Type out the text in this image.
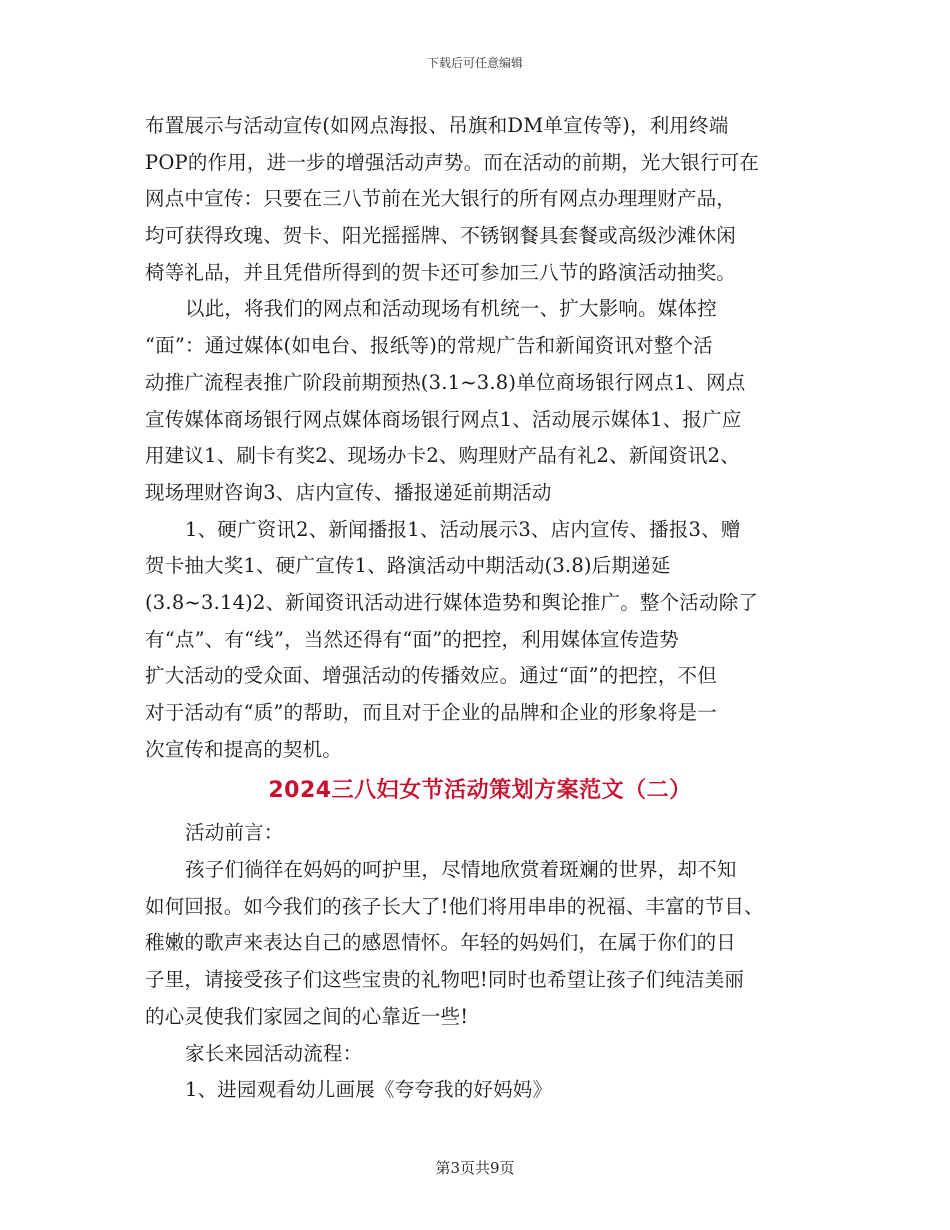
下载后可任意编辑
布置展示与活动宣传(如网点海报、吊旗和DM单宣传等)，利用终端
POP的作用，进一步的增强活动声势。而在活动的前期，光大银行可在
网点中宣传：只要在三八节前在光大银行的所有网点办理理财产品，
均可获得玫瑰、贺卡、阳光摇摇牌、不锈钢餐具套餐或高级沙滩休闲
椅等礼品，并且凭借所得到的贺卡还可参加三八节的路演活动抽奖。
以此，将我们的网点和活动现场有机统一、扩大影响。媒体控
“面”：通过媒体(如电台、报纸等)的常规广告和新闻资讯对整个活
动推广流程表推广阶段前期预热(3.1~3.8)单位商场银行网点1、网点
宣传媒体商场银行网点媒体商场银行网点1、活动展示媒体1、报广应
用建议1、刷卡有奖2、现场办卡2、购理财产品有礼2、新闻资讯2、
现场理财咨询3、店内宣传、播报递延前期活动
1、硬广资讯2、新闻播报1、活动展示3、店内宣传、播报3、赠
贺卡抽大奖1、硬广宣传1、路演活动中期活动(3.8)后期递延
(3.8~3.14)2、新闻资讯活动进行媒体造势和舆论推广。整个活动除了
有“点”、有“线”，当然还得有“面”的把控，利用媒体宣传造势
扩大活动的受众面、增强活动的传播效应。通过“面”的把控，不但
对于活动有“质”的帮助，而且对于企业的品牌和企业的形象将是一
次宣传和提高的契机。
2024三八妇女节活动策划方案范文（二）
活动前言：
孩子们徜徉在妈妈的呵护里，尽情地欣赏着斑斓的世界，却不知
如何回报。如今我们的孩子长大了!他们将用串串的祝福、丰富的节目、
稚嫩的歌声来表达自己的感恩情怀。年轻的妈妈们，在属于你们的日
子里，请接受孩子们这些宝贵的礼物吧!同时也希望让孩子们纯洁美丽
的心灵使我们家园之间的心靠近一些!
家长来园活动流程：
1、进园观看幼儿画展《夸夸我的好妈妈》
第3页共9页
